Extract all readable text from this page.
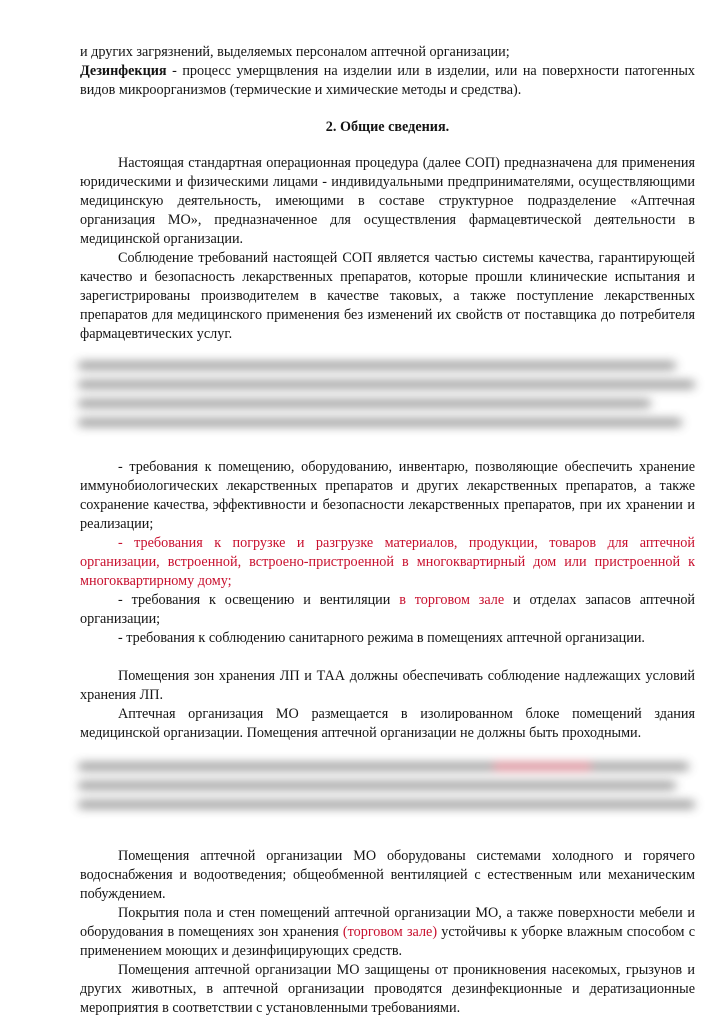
и других загрязнений, выделяемых персоналом аптечной организации;

Дезинфекция - процесс умерщвления на изделии или в изделии, или на поверхности патогенных видов микроорганизмов (термические и химические методы и средства).

2. Общие сведения.

Настоящая стандартная операционная процедура (далее СОП) предназначена для применения юридическими и физическими лицами - индивидуальными предпринимателями, осуществляющими медицинскую деятельность, имеющими в составе структурное подразделение «Аптечная организация МО», предназначенное для осуществления фармацевтической деятельности в медицинской организации.

Соблюдение требований настоящей СОП является частью системы качества, гарантирующей качество и безопасность лекарственных препаратов, которые прошли клинические испытания и зарегистрированы производителем в качестве таковых, а также поступление лекарственных препаратов для медицинского применения без изменений их свойств от поставщика до потребителя фармацевтических услуг.

- требования к помещению, оборудованию, инвентарю, позволяющие обеспечить хранение иммунобиологических лекарственных препаратов и других лекарственных препаратов, а также сохранение качества, эффективности и безопасности лекарственных препаратов, при их хранении и реализации;

- требования к погрузке и разгрузке материалов, продукции, товаров для аптечной организации, встроенной, встроено-пристроенной в многоквартирный дом или пристроенной к многоквартирному дому;

- требования к освещению и вентиляции в торговом зале и отделах запасов аптечной организации;

- требования к соблюдению санитарного режима в помещениях аптечной организации.

Помещения зон хранения ЛП и ТАА должны обеспечивать соблюдение надлежащих условий хранения ЛП.

Аптечная организация МО размещается в изолированном блоке помещений здания медицинской организации. Помещения аптечной организации не должны быть проходными.

Помещения аптечной организации МО оборудованы системами холодного и горячего водоснабжения и водоотведения; общеобменной вентиляцией с естественным или механическим побуждением.

Покрытия пола и стен помещений аптечной организации МО, а также поверхности мебели и оборудования в помещениях зон хранения (торговом зале) устойчивы к уборке влажным способом с применением моющих и дезинфицирующих средств.

Помещения аптечной организации МО защищены от проникновения насекомых, грызунов и других животных, в аптечной организации проводятся дезинфекционные и дератизационные мероприятия в соответствии с установленными требованиями.
